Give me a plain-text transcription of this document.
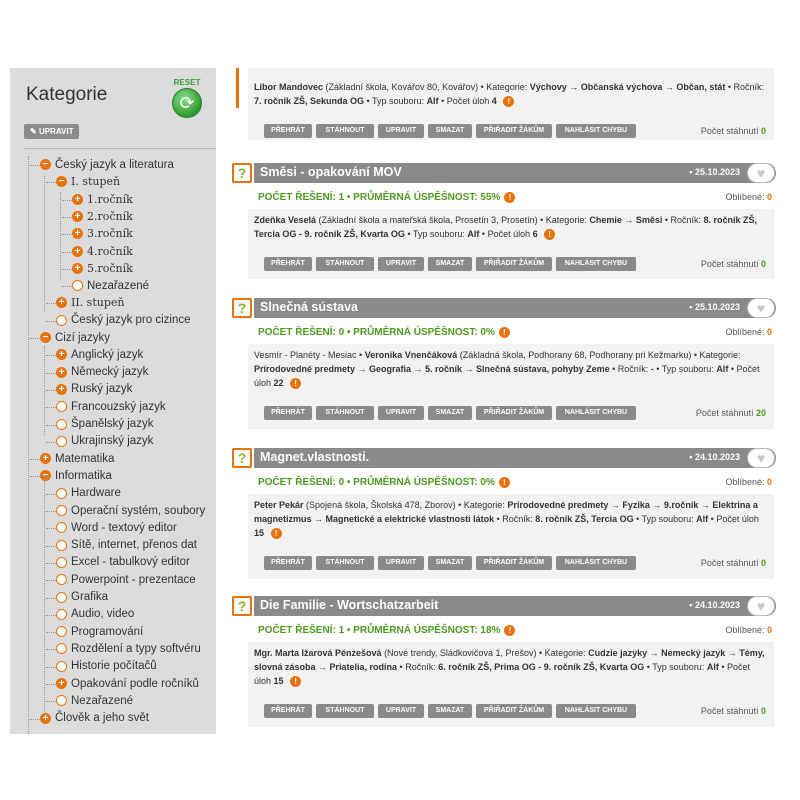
Kategorie
RESET
⟳
✎ UPRAVIT
− Český jazyk a literatura
− I. stupeň
+ 1.ročník
+ 2.ročník
+ 3.ročník
+ 4.ročník
+ 5.ročník
Nezařazené
+ II. stupeň
Český jazyk pro cizince
− Cizí jazyky
+ Anglický jazyk
+ Německý jazyk
+ Ruský jazyk
Francouzský jazyk
Španělský jazyk
Ukrajinský jazyk
+ Matematika
− Informatika
Hardware
Operační systém, soubory
Word - textový editor
Sítě, internet, přenos dat
Excel - tabulkový editor
Powerpoint - prezentace
Grafika
Audio, video
Programování
Rozdělení a typy softvéru
Historie počítačů
+ Opakování podle ročníků
Nezařazené
+ Člověk a jeho svět
Libor Mandovec (Základní škola, Kovářov 80, Kovářov) • Kategorie: Výchovy → Občanská výchova → Občan, stát • Ročník: 7. ročník ZŠ, Sekunda OG • Typ souboru: Alf • Počet úloh 4 !
PŘEHRÁT	STÁHNOUT	UPRAVIT	SMAZAT	PŘIŘADIT ŽÁKŮM	NAHLÁSIT CHYBU	Počet stáhnutí 0
?	Směsi - opakování MOV	• 25.10.2023	♥
POČET ŘEŠENÍ: 1 • PRŮMĚRNÁ ÚSPĚŠNOST: 55% !	Oblíbené: 0
Zdeňka Veselá (Základní škola a mateřská škola, Prosetín 3, Prosetín) • Kategorie: Chemie → Směsi • Ročník: 8. ročník ZŠ, Tercia OG - 9. ročník ZŠ, Kvarta OG • Typ souboru: Alf • Počet úloh 6 !
PŘEHRÁT	STÁHNOUT	UPRAVIT	SMAZAT	PŘIŘADIT ŽÁKŮM	NAHLÁSIT CHYBU	Počet stáhnutí 0
?	Slnečná sústava	• 25.10.2023	♥
POČET ŘEŠENÍ: 0 • PRŮMĚRNÁ ÚSPĚŠNOST: 0% !	Oblíbené: 0
Vesmír - Planéty - Mesiac • Veronika Vnenčáková (Základná škola, Podhorany 68, Podhorany pri Kežmarku) • Kategorie: Prírodovedné predmety → Geografia → 5. ročník → Slnečná sústava, pohyby Zeme • Ročník: - • Typ souboru: Alf • Počet úloh 22 !
PŘEHRÁT	STÁHNOUT	UPRAVIT	SMAZAT	PŘIŘADIT ŽÁKŮM	NAHLÁSIT CHYBU	Počet stáhnutí 20
?	Magnet.vlastnosti.	• 24.10.2023	♥
POČET ŘEŠENÍ: 0 • PRŮMĚRNÁ ÚSPĚŠNOST: 0% !	Oblíbené: 0
Peter Pekár (Spojená škola, Školská 478, Zborov) • Kategorie: Prírodovedné predmety → Fyzika → 9.ročník → Elektrina a magnetizmus → Magnetické a elektrické vlastnosti látok • Ročník: 8. ročník ZŠ, Tercia OG • Typ souboru: Alf • Počet úloh 15 !
PŘEHRÁT	STÁHNOUT	UPRAVIT	SMAZAT	PŘIŘADIT ŽÁKŮM	NAHLÁSIT CHYBU	Počet stáhnutí 0
?	Die Familie - Wortschatzarbeit	• 24.10.2023	♥
POČET ŘEŠENÍ: 1 • PRŮMĚRNÁ ÚSPĚŠNOST: 18% !	Oblíbené: 0
Mgr. Marta Ižarová Pénzešová (Nové trendy, Sládkovičova 1, Prešov) • Kategorie: Cudzie jazyky → Nemecký jazyk → Témy, slovná zásoba → Priatelia, rodina • Ročník: 6. ročník ZŠ, Prima OG - 9. ročník ZŠ, Kvarta OG • Typ souboru: Alf • Počet úloh 15 !
PŘEHRÁT	STÁHNOUT	UPRAVIT	SMAZAT	PŘIŘADIT ŽÁKŮM	NAHLÁSIT CHYBU	Počet stáhnutí 0
